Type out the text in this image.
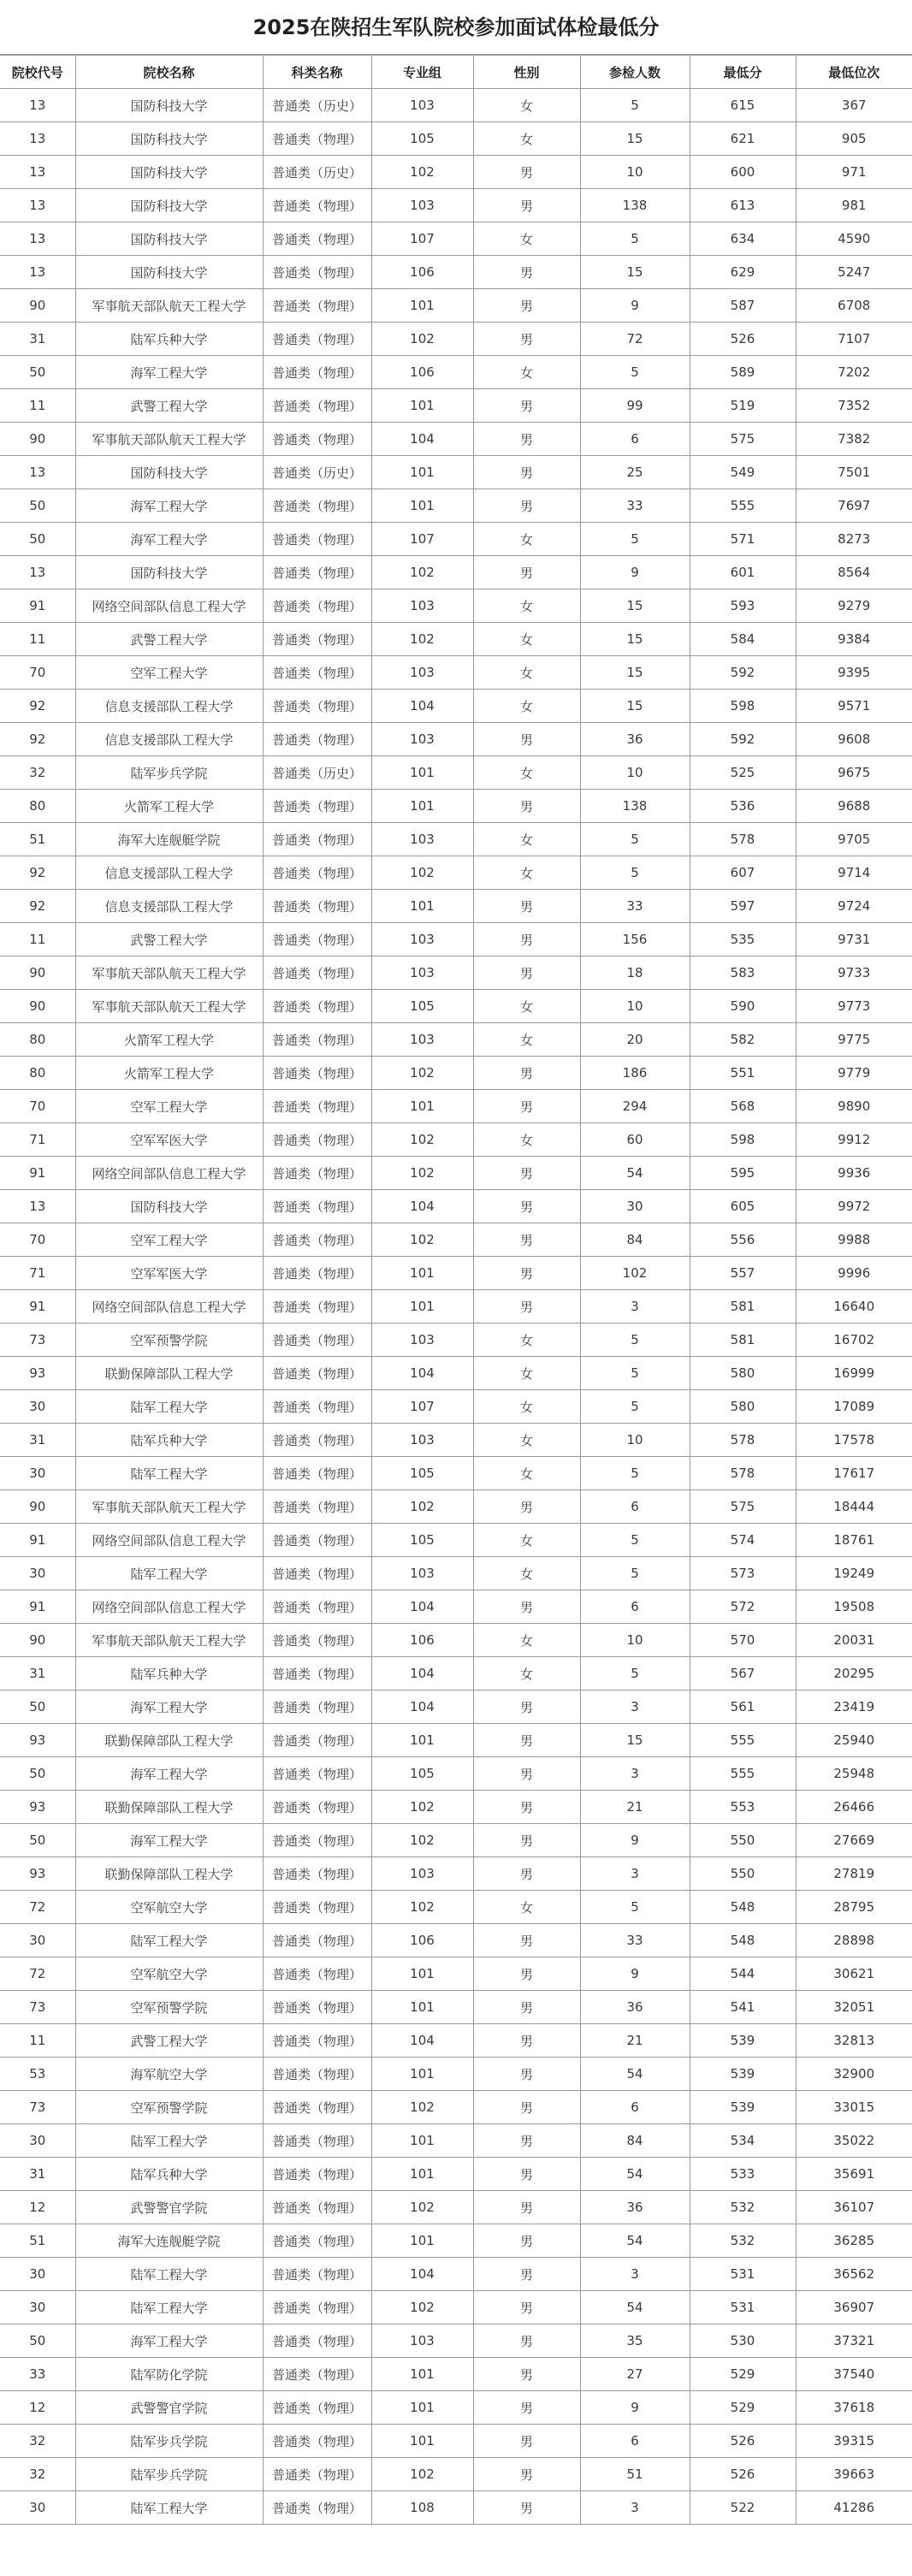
2025在陕招生军队院校参加面试体检最低分
院校代号	院校名称	科类名称	专业组	性别	参检人数	最低分	最低位次
13	国防科技大学	普通类（历史）	103	女	5	615	367
13	国防科技大学	普通类（物理）	105	女	15	621	905
13	国防科技大学	普通类（历史）	102	男	10	600	971
13	国防科技大学	普通类（物理）	103	男	138	613	981
13	国防科技大学	普通类（物理）	107	女	5	634	4590
13	国防科技大学	普通类（物理）	106	男	15	629	5247
90	军事航天部队航天工程大学	普通类（物理）	101	男	9	587	6708
31	陆军兵种大学	普通类（物理）	102	男	72	526	7107
50	海军工程大学	普通类（物理）	106	女	5	589	7202
11	武警工程大学	普通类（物理）	101	男	99	519	7352
90	军事航天部队航天工程大学	普通类（物理）	104	男	6	575	7382
13	国防科技大学	普通类（历史）	101	男	25	549	7501
50	海军工程大学	普通类（物理）	101	男	33	555	7697
50	海军工程大学	普通类（物理）	107	女	5	571	8273
13	国防科技大学	普通类（物理）	102	男	9	601	8564
91	网络空间部队信息工程大学	普通类（物理）	103	女	15	593	9279
11	武警工程大学	普通类（物理）	102	女	15	584	9384
70	空军工程大学	普通类（物理）	103	女	15	592	9395
92	信息支援部队工程大学	普通类（物理）	104	女	15	598	9571
92	信息支援部队工程大学	普通类（物理）	103	男	36	592	9608
32	陆军步兵学院	普通类（历史）	101	女	10	525	9675
80	火箭军工程大学	普通类（物理）	101	男	138	536	9688
51	海军大连舰艇学院	普通类（物理）	103	女	5	578	9705
92	信息支援部队工程大学	普通类（物理）	102	女	5	607	9714
92	信息支援部队工程大学	普通类（物理）	101	男	33	597	9724
11	武警工程大学	普通类（物理）	103	男	156	535	9731
90	军事航天部队航天工程大学	普通类（物理）	103	男	18	583	9733
90	军事航天部队航天工程大学	普通类（物理）	105	女	10	590	9773
80	火箭军工程大学	普通类（物理）	103	女	20	582	9775
80	火箭军工程大学	普通类（物理）	102	男	186	551	9779
70	空军工程大学	普通类（物理）	101	男	294	568	9890
71	空军军医大学	普通类（物理）	102	女	60	598	9912
91	网络空间部队信息工程大学	普通类（物理）	102	男	54	595	9936
13	国防科技大学	普通类（物理）	104	男	30	605	9972
70	空军工程大学	普通类（物理）	102	男	84	556	9988
71	空军军医大学	普通类（物理）	101	男	102	557	9996
91	网络空间部队信息工程大学	普通类（物理）	101	男	3	581	16640
73	空军预警学院	普通类（物理）	103	女	5	581	16702
93	联勤保障部队工程大学	普通类（物理）	104	女	5	580	16999
30	陆军工程大学	普通类（物理）	107	女	5	580	17089
31	陆军兵种大学	普通类（物理）	103	女	10	578	17578
30	陆军工程大学	普通类（物理）	105	女	5	578	17617
90	军事航天部队航天工程大学	普通类（物理）	102	男	6	575	18444
91	网络空间部队信息工程大学	普通类（物理）	105	女	5	574	18761
30	陆军工程大学	普通类（物理）	103	女	5	573	19249
91	网络空间部队信息工程大学	普通类（物理）	104	男	6	572	19508
90	军事航天部队航天工程大学	普通类（物理）	106	女	10	570	20031
31	陆军兵种大学	普通类（物理）	104	女	5	567	20295
50	海军工程大学	普通类（物理）	104	男	3	561	23419
93	联勤保障部队工程大学	普通类（物理）	101	男	15	555	25940
50	海军工程大学	普通类（物理）	105	男	3	555	25948
93	联勤保障部队工程大学	普通类（物理）	102	男	21	553	26466
50	海军工程大学	普通类（物理）	102	男	9	550	27669
93	联勤保障部队工程大学	普通类（物理）	103	男	3	550	27819
72	空军航空大学	普通类（物理）	102	女	5	548	28795
30	陆军工程大学	普通类（物理）	106	男	33	548	28898
72	空军航空大学	普通类（物理）	101	男	9	544	30621
73	空军预警学院	普通类（物理）	101	男	36	541	32051
11	武警工程大学	普通类（物理）	104	男	21	539	32813
53	海军航空大学	普通类（物理）	101	男	54	539	32900
73	空军预警学院	普通类（物理）	102	男	6	539	33015
30	陆军工程大学	普通类（物理）	101	男	84	534	35022
31	陆军兵种大学	普通类（物理）	101	男	54	533	35691
12	武警警官学院	普通类（物理）	102	男	36	532	36107
51	海军大连舰艇学院	普通类（物理）	101	男	54	532	36285
30	陆军工程大学	普通类（物理）	104	男	3	531	36562
30	陆军工程大学	普通类（物理）	102	男	54	531	36907
50	海军工程大学	普通类（物理）	103	男	35	530	37321
33	陆军防化学院	普通类（物理）	101	男	27	529	37540
12	武警警官学院	普通类（物理）	101	男	9	529	37618
32	陆军步兵学院	普通类（物理）	101	男	6	526	39315
32	陆军步兵学院	普通类（物理）	102	男	51	526	39663
30	陆军工程大学	普通类（物理）	108	男	3	522	41286
